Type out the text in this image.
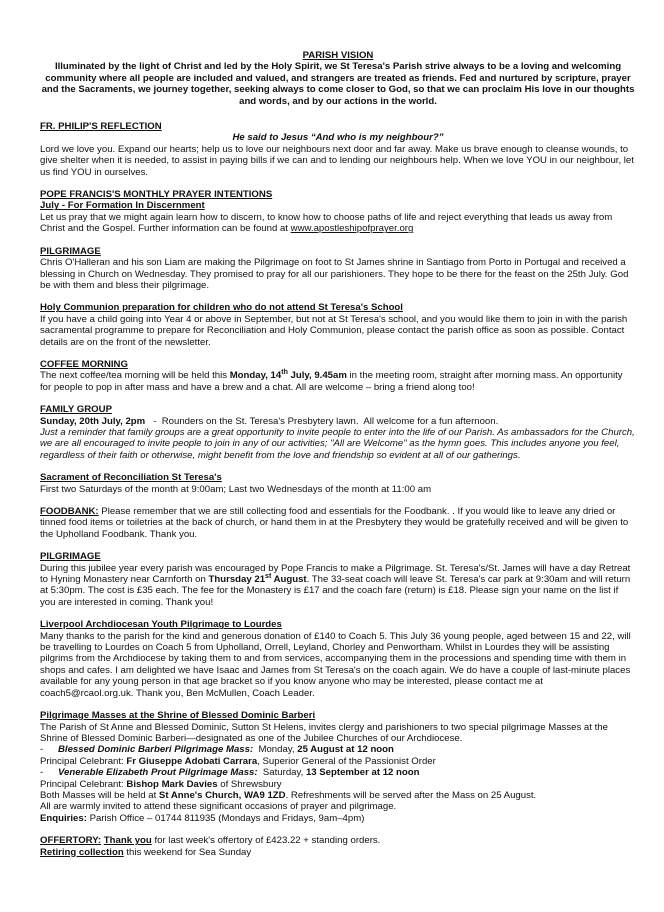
PARISH VISION
Illuminated by the light of Christ and led by the Holy Spirit, we St Teresa's Parish strive always to be a loving and welcoming community where all people are included and valued, and strangers are treated as friends. Fed and nurtured by scripture, prayer and the Sacraments, we journey together, seeking always to come closer to God, so that we can proclaim His love in our thoughts and words, and by our actions in the world.
FR. PHILIP'S REFLECTION
He said to Jesus “And who is my neighbour?”

Lord we love you. Expand our hearts; help us to love our neighbours next door and far away. Make us brave enough to cleanse wounds, to give shelter when it is needed, to assist in paying bills if we can and to lending our neighbours help. When we love YOU in our neighbour, let us find YOU in ourselves.

POPE FRANCIS'S MONTHLY PRAYER INTENTIONS
July - For Formation In Discernment

Let us pray that we might again learn how to discern, to know how to choose paths of life and reject everything that leads us away from Christ and the Gospel. Further information can be found at www.apostleshipofprayer.org

PILGRIMAGE

Chris O'Halleran and his son Liam are making the Pilgrimage on foot to St James shrine in Santiago from Porto in Portugal and received a blessing in Church on Wednesday. They promised to pray for all our parishioners. They hope to be there for the feast on the 25th July. God be with them and bless their pilgrimage.

Holy Communion preparation for children who do not attend St Teresa's School

If you have a child going into Year 4 or above in September, but not at St Teresa's school, and you would like them to join in with the parish sacramental programme to prepare for Reconciliation and Holy Communion, please contact the parish office as soon as possible. Contact details are on the front of the newsletter.

COFFEE MORNING

The next coffee/tea morning will be held this Monday, 14th July, 9.45am in the meeting room, straight after morning mass. An opportunity for people to pop in after mass and have a brew and a chat. All are welcome – bring a friend along too!

FAMILY GROUP

Sunday, 20th July, 2pm   -  Rounders on the St. Teresa's Presbytery lawn.  All welcome for a fun afternoon.

Just a reminder that family groups are a great opportunity to invite people to enter into the life of our Parish. As ambassadors for the Church, we are all encouraged to invite people to join in any of our activities; "All are Welcome" as the hymn goes. This includes anyone you feel, regardless of their faith or otherwise, might benefit from the love and friendship so evident at all of our gatherings.

Sacrament of Reconciliation St Teresa's

First two Saturdays of the month at 9:00am; Last two Wednesdays of the month at 11:00 am

FOODBANK: Please remember that we are still collecting food and essentials for the Foodbank. . If you would like to leave any dried or tinned food items or toiletries at the back of church, or hand them in at the Presbytery they would be gratefully received and will be given to the Upholland Foodbank. Thank you.

PILGRIMAGE

During this jubilee year every parish was encouraged by Pope Francis to make a Pilgrimage. St. Teresa's/St. James will have a day Retreat to Hyning Monastery near Carnforth on Thursday 21st August. The 33-seat coach will leave St. Teresa's car park at 9:30am and will return at 5:30pm. The cost is £35 each. The fee for the Monastery is £17 and the coach fare (return) is £18. Please sign your name on the list if you are interested in coming. Thank you!

Liverpool Archdiocesan Youth Pilgrimage to Lourdes

Many thanks to the parish for the kind and generous donation of £140 to Coach 5. This July 36 young people, aged between 15 and 22, will be travelling to Lourdes on Coach 5 from Upholland, Orrell, Leyland, Chorley and Penwortham. Whilst in Lourdes they will be assisting pilgrims from the Archdiocese by taking them to and from services, accompanying them in the processions and spending time with them in shops and cafes. I am delighted we have Isaac and James from St Teresa's on the coach again. We do have a couple of last-minute places available for any young person in that age bracket so if you know anyone who may be interested, please contact me at coach5@rcaol.org.uk. Thank you, Ben McMullen, Coach Leader.

Pilgrimage Masses at the Shrine of Blessed Dominic Barberi

The Parish of St Anne and Blessed Dominic, Sutton St Helens, invites clergy and parishioners to two special pilgrimage Masses at the Shrine of Blessed Dominic Barberi—designated as one of the Jubilee Churches of our Archdiocese.

- Blessed Dominic Barberi Pilgrimage Mass:  Monday, 25 August at 12 noon

Principal Celebrant: Fr Giuseppe Adobati Carrara, Superior General of the Passionist Order

- Venerable Elizabeth Prout Pilgrimage Mass:  Saturday, 13 September at 12 noon

Principal Celebrant: Bishop Mark Davies of Shrewsbury

Both Masses will be held at St Anne's Church, WA9 1ZD. Refreshments will be served after the Mass on 25 August.

All are warmly invited to attend these significant occasions of prayer and pilgrimage.

Enquiries: Parish Office – 01744 811935 (Mondays and Fridays, 9am–4pm)

OFFERTORY: Thank you for last week's offertory of £423.22 + standing orders.

Retiring collection this weekend for Sea Sunday
